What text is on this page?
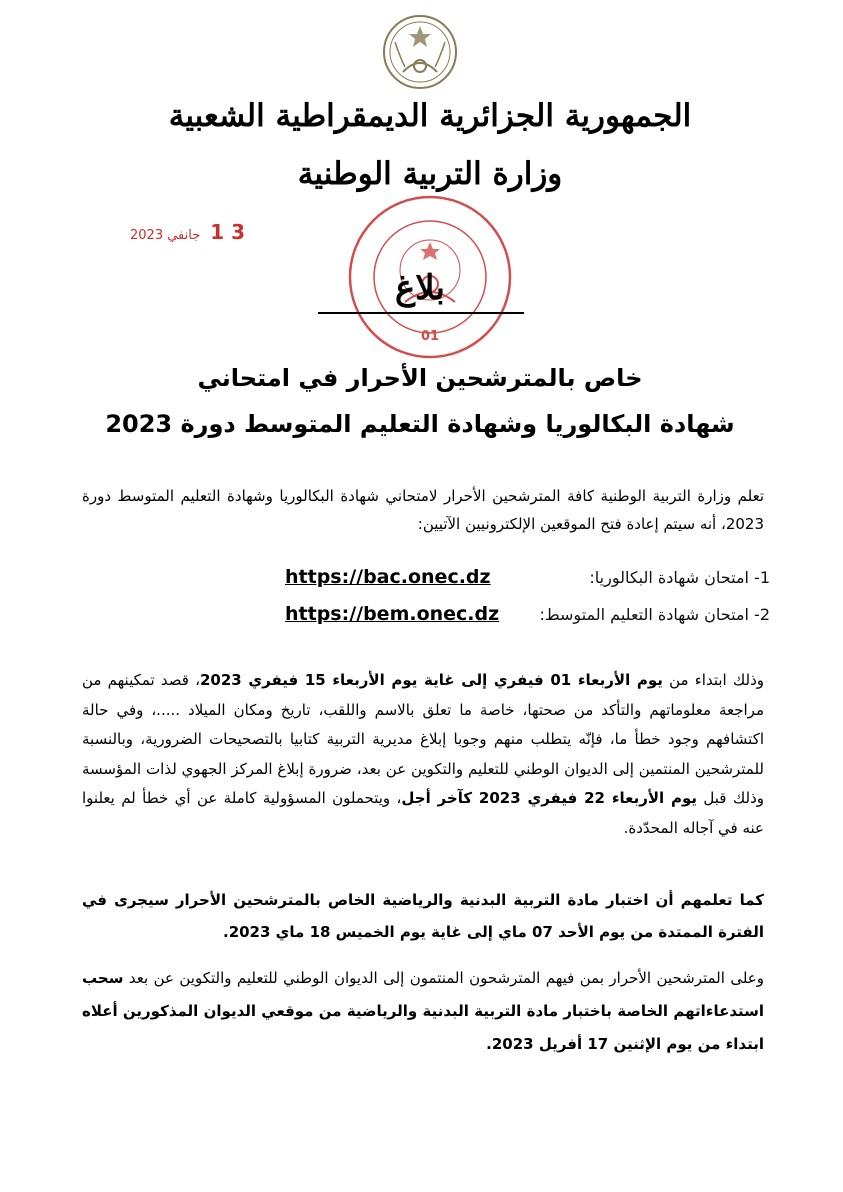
الجمهورية الجزائرية الديمقراطية الشعبية
وزارة التربية الوطنية
2023 جانفي 1 3
01
بلاغ
خاص بالمترشحين الأحرار في امتحاني
شهادة البكالوريا وشهادة التعليم المتوسط دورة 2023
تعلم وزارة التربية الوطنية كافة المترشحين الأحرار لامتحاني شهادة البكالوريا وشهادة التعليم المتوسط دورة 2023، أنه سيتم إعادة فتح الموقعين الإلكترونيين الآتيين:
1- امتحان شهادة البكالوريا:
https://bac.onec.dz
2- امتحان شهادة التعليم المتوسط:
https://bem.onec.dz
وذلك ابتداء من يوم الأربعاء 01 فيفري إلى غاية يوم الأربعاء 15 فيفري 2023، قصد تمكينهم من مراجعة معلوماتهم والتأكد من صحتها، خاصة ما تعلق بالاسم واللقب، تاريخ ومكان الميلاد .....، وفي حالة اكتشافهم وجود خطأ ما، فإنّه يتطلب منهم وجوبا إبلاغ مديرية التربية كتابيا بالتصحيحات الضرورية، وبالنسبة للمترشحين المنتمين إلى الديوان الوطني للتعليم والتكوين عن بعد، ضرورة إبلاغ المركز الجهوي لذات المؤسسة وذلك قبل يوم الأربعاء 22 فيفري 2023 كآخر أجل، ويتحملون المسؤولية كاملة عن أي خطأ لم يعلنوا عنه في آجاله المحدّدة.
كما تعلمهم أن اختبار مادة التربية البدنية والرياضية الخاص بالمترشحين الأحرار سيجرى في الفترة الممتدة من يوم الأحد 07 ماي إلى غاية يوم الخميس 18 ماي 2023.
وعلى المترشحين الأحرار بمن فيهم المترشحون المنتمون إلى الديوان الوطني للتعليم والتكوين عن بعد سحب استدعاءاتهم الخاصة باختبار مادة التربية البدنية والرياضية من موقعي الديوان المذكورين أعلاه ابتداء من يوم الإثنين 17 أفريل 2023.
